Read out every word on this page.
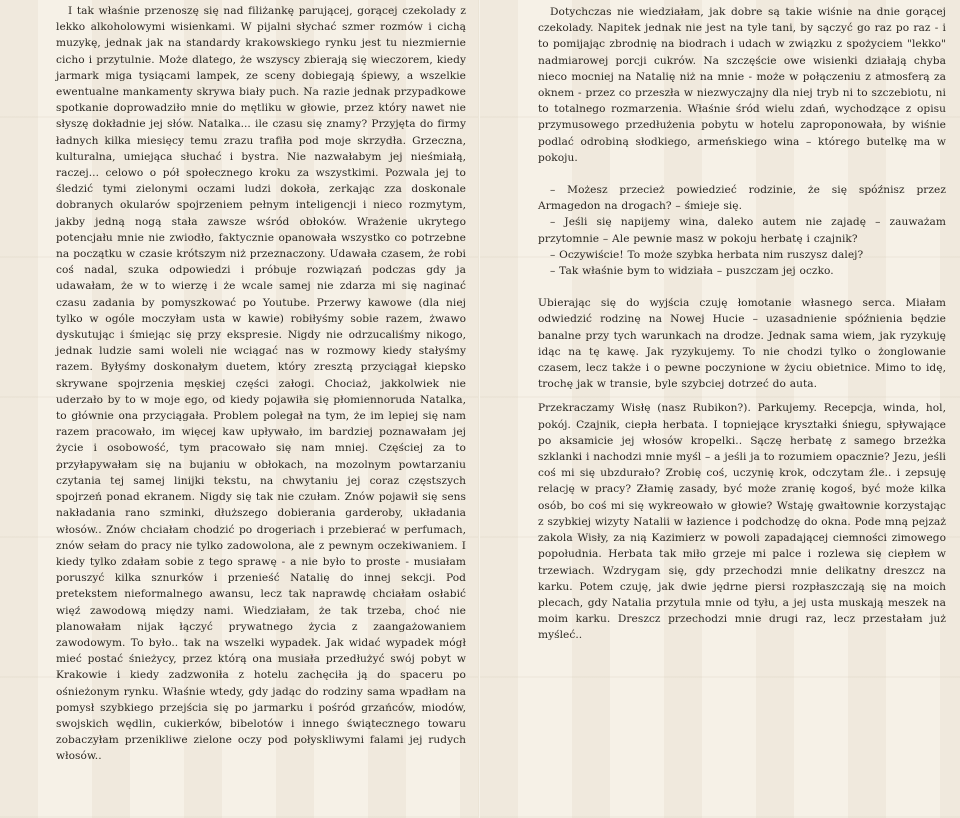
I tak właśnie przenoszę się nad filiżankę parującej, gorącej czekolady z lekko alkoholowymi wisienkami. W pijalni słychać szmer rozmów i cichą muzykę, jednak jak na standardy krakowskiego rynku jest tu niezmiernie cicho i przytulnie. Może dlatego, że wszyscy zbierają się wieczorem, kiedy jarmark miga tysiącami lampek, ze sceny dobiegają śpiewy, a wszelkie ewentualne mankamenty skrywa biały puch. Na razie jednak przypadkowe spotkanie doprowadziło mnie do mętliku w głowie, przez który nawet nie słyszę dokładnie jej słów. Natalka... ile czasu się znamy? Przyjęta do firmy ładnych kilka miesięcy temu zrazu trafiła pod moje skrzydła. Grzeczna, kulturalna, umiejąca słuchać i bystra. Nie nazwałabym jej nieśmiałą, raczej... celowo o pół społecznego kroku za wszystkimi. Pozwala jej to śledzić tymi zielonymi oczami ludzi dokoła, zerkając zza doskonale dobranych okularów spojrzeniem pełnym inteligencji i nieco rozmytym, jakby jedną nogą stała zawsze wśród obłoków. Wrażenie ukrytego potencjału mnie nie zwiodło, faktycznie opanowała wszystko co potrzebne na początku w czasie krótszym niż przeznaczony. Udawała czasem, że robi coś nadal, szuka odpowiedzi i próbuje rozwiązań podczas gdy ja udawałam, że w to wierzę i że wcale samej nie zdarza mi się naginać czasu zadania by pomyszkować po Youtube. Przerwy kawowe (dla niej tylko w ogóle moczyłam usta w kawie) robiłyśmy sobie razem, żwawo dyskutując i śmiejąc się przy ekspresie. Nigdy nie odrzucaliśmy nikogo, jednak ludzie sami woleli nie wciągać nas w rozmowy kiedy stałyśmy razem. Byłyśmy doskonałym duetem, który zresztą przyciągał kiepsko skrywane spojrzenia męskiej części załogi. Chociaż, jakkolwiek nie uderzało by to w moje ego, od kiedy pojawiła się płomiennoruda Natalka, to głównie ona przyciągała. Problem polegał na tym, że im lepiej się nam razem pracowało, im więcej kaw upływało, im bardziej poznawałam jej życie i osobowość, tym pracowało się nam mniej. Częściej za to przyłapywałam się na bujaniu w obłokach, na mozolnym powtarzaniu czytania tej samej linijki tekstu, na chwytaniu jej coraz częstszych spojrzeń ponad ekranem. Nigdy się tak nie czułam. Znów pojawił się sens nakładania rano szminki, dłuższego dobierania garderoby, układania włosów.. Znów chciałam chodzić po drogeriach i przebierać w perfumach, znów sełam do pracy nie tylko zadowolona, ale z pewnym oczekiwaniem. I kiedy tylko zdałam sobie z tego sprawę - a nie było to proste - musiałam poruszyć kilka sznurków i przenieść Natalię do innej sekcji. Pod pretekstem nieformalnego awansu, lecz tak naprawdę chciałam osłabić więź zawodową między nami. Wiedziałam, że tak trzeba, choć nie planowałam nijak łączyć prywatnego życia z zaangażowaniem zawodowym. To było.. tak na wszelki wypadek. Jak widać wypadek mógł mieć postać śnieżycy, przez którą ona musiała przedłużyć swój pobyt w Krakowie i kiedy zadzwoniła z hotelu zachęciła ją do spaceru po ośnieżonym rynku. Właśnie wtedy, gdy jadąc do rodziny sama wpadłam na pomysł szybkiego przejścia się po jarmarku i pośród grzańców, miodów, swojskich wędlin, cukierków, bibelotów i innego świątecznego towaru zobaczyłam przenikliwe zielone oczy pod połyskliwymi falami jej rudych włosów..

Dotychczas nie wiedziałam, jak dobre są takie wiśnie na dnie gorącej czekolady. Napitek jednak nie jest na tyle tani, by sączyć go raz po raz - i to pomijając zbrodnię na biodrach i udach w związku z spożyciem "lekko" nadmiarowej porcji cukrów. Na szczęście owe wisienki działają chyba nieco mocniej na Natalię niż na mnie - może w połączeniu z atmosferą za oknem - przez co przeszła w niezwyczajny dla niej tryb ni to szczebiotu, ni to totalnego rozmarzenia. Właśnie śród wielu zdań, wychodzące z opisu przymusowego przedłużenia pobytu w hotelu zaproponowała, by wiśnie podlać odrobiną słodkiego, armeńskiego wina – którego butelkę ma w pokoju.

– Możesz przecież powiedzieć rodzinie, że się spóźnisz przez Armagedon na drogach? – śmieje się.

– Jeśli się napijemy wina, daleko autem nie zajadę – zauważam przytomnie – Ale pewnie masz w pokoju herbatę i czajnik?

– Oczywiście! To może szybka herbata nim ruszysz dalej?

– Tak właśnie bym to widziała – puszczam jej oczko.

Ubierając się do wyjścia czuję łomotanie własnego serca. Miałam odwiedzić rodzinę na Nowej Hucie – uzasadnienie spóźnienia będzie banalne przy tych warunkach na drodze. Jednak sama wiem, jak ryzykuję idąc na tę kawę. Jak ryzykujemy. To nie chodzi tylko o żonglowanie czasem, lecz także i o pewne poczynione w życiu obietnice. Mimo to idę, trochę jak w transie, byle szybciej dotrzeć do auta.

Przekraczamy Wisłę (nasz Rubikon?). Parkujemy. Recepcja, winda, hol, pokój. Czajnik, ciepła herbata. I topniejące kryształki śniegu, spływające po aksamicie jej włosów kropelki.. Sączę herbatę z samego brzeżka szklanki i nachodzi mnie myśl – a jeśli ja to rozumiem opacznie? Jezu, jeśli coś mi się ubzdurało? Zrobię coś, uczynię krok, odczytam źle.. i zepsuję relację w pracy? Złamię zasady, być może zranię kogoś, być może kilka osób, bo coś mi się wykreowało w głowie? Wstaję gwałtownie korzystając z szybkiej wizyty Natalii w łazience i podchodzę do okna. Pode mną pejzaż zakola Wisły, za nią Kazimierz w powoli zapadającej ciemności zimowego popołudnia. Herbata tak miło grzeje mi palce i rozlewa się ciepłem w trzewiach. Wzdrygam się, gdy przechodzi mnie delikatny dreszcz na karku. Potem czuję, jak dwie jędrne piersi rozpłaszczają się na moich plecach, gdy Natalia przytula mnie od tyłu, a jej usta muskają meszek na moim karku. Dreszcz przechodzi mnie drugi raz, lecz przestałam już myśleć..
